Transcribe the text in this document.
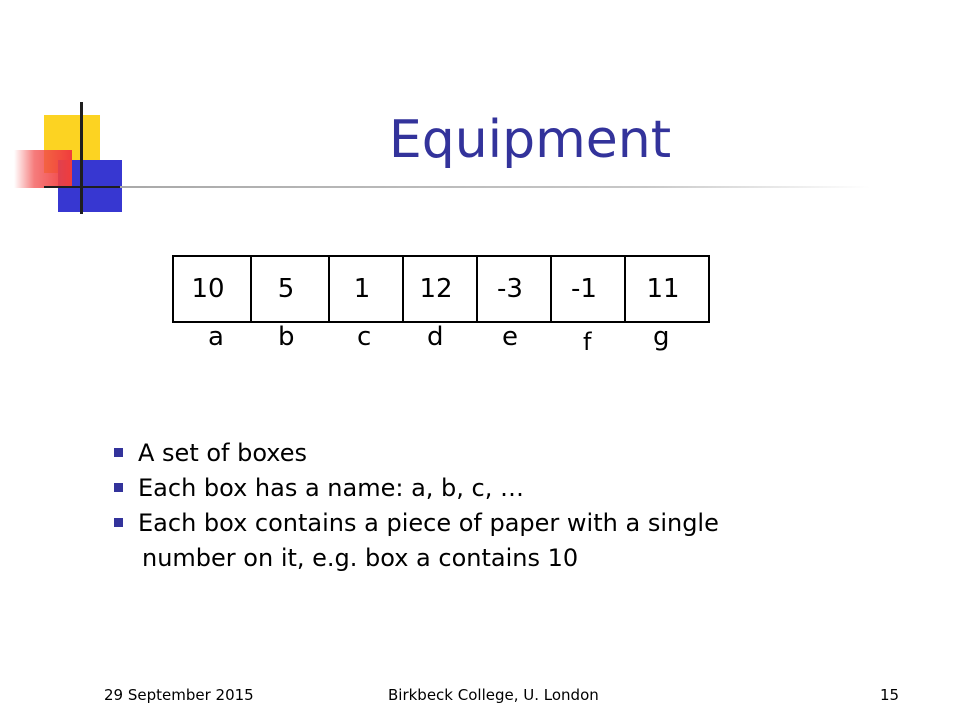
Equipment
10 5 1 12 -3 -1 11
a b c d e	f g
A set of boxes
Each box has a name: a, b, c, …
Each box contains a piece of paper with a single
number on it, e.g. box a contains 10
29 September 2015	Birkbeck College, U. London	15
